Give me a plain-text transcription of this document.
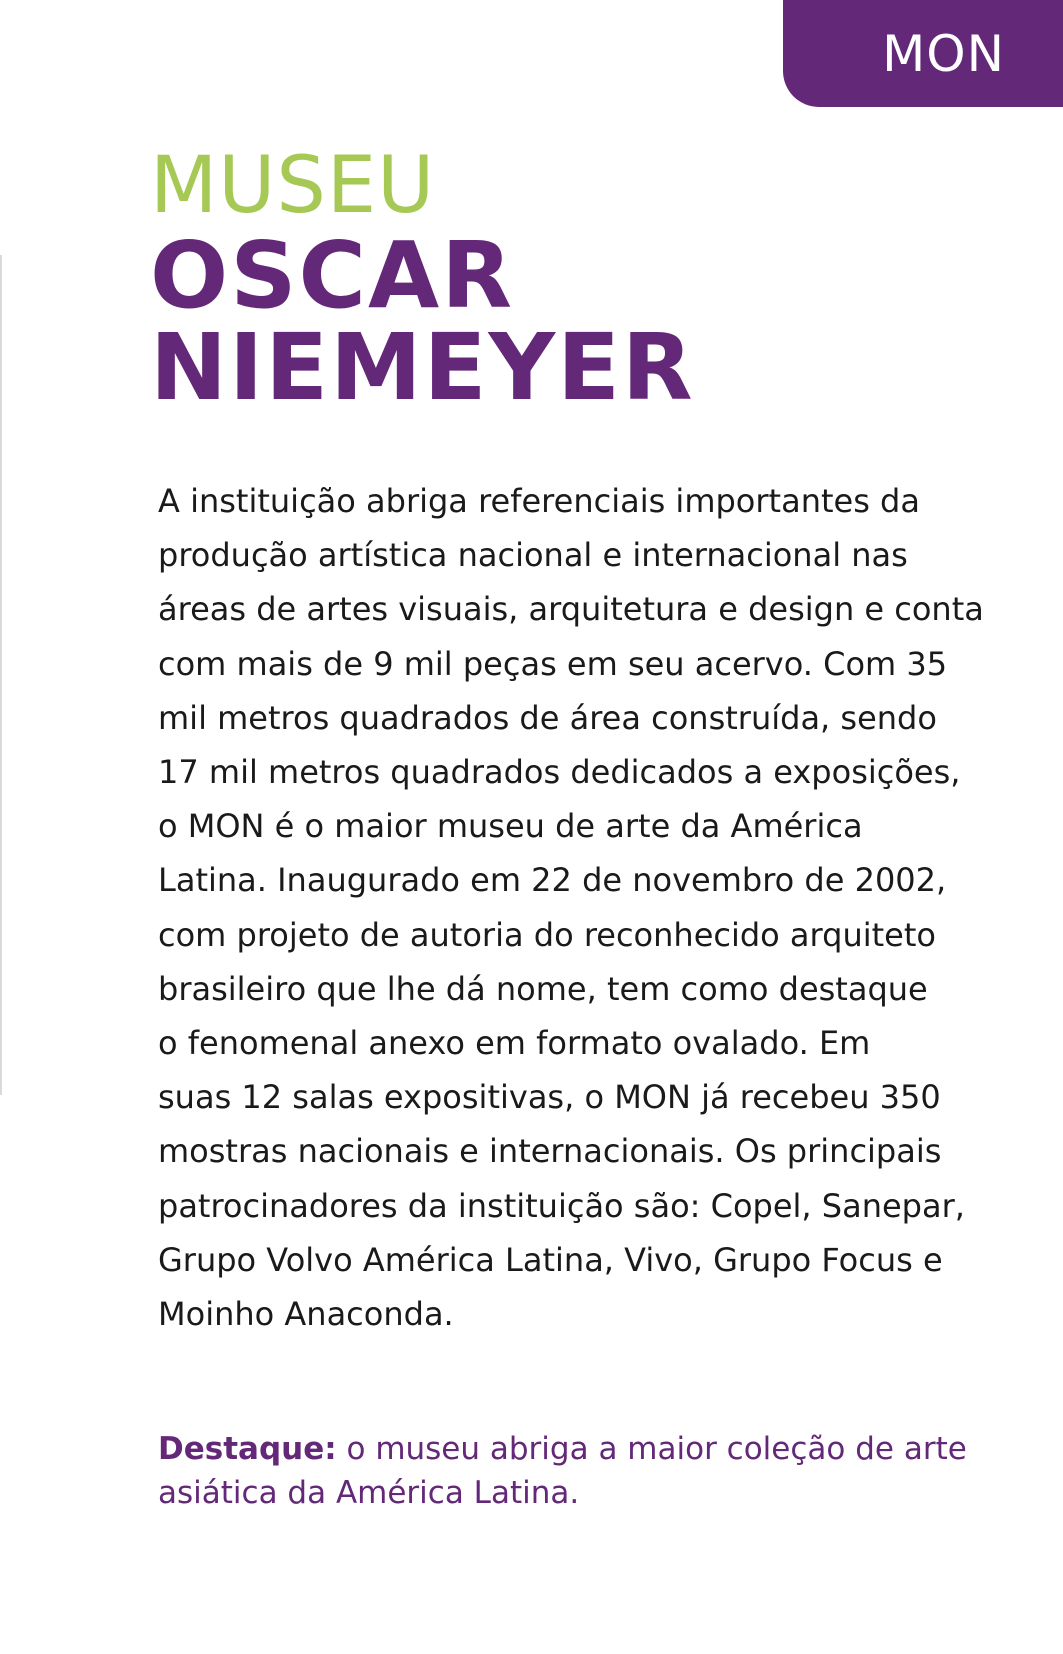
MON

MUSEU

OSCAR

NIEMEYER

A instituição abriga referenciais importantes da
produção artística nacional e internacional nas
áreas de artes visuais, arquitetura e design e conta
com mais de 9 mil peças em seu acervo. Com 35
mil metros quadrados de área construída, sendo
17 mil metros quadrados dedicados a exposições,
o MON é o maior museu de arte da América
Latina. Inaugurado em 22 de novembro de 2002,
com projeto de autoria do reconhecido arquiteto
brasileiro que lhe dá nome, tem como destaque
o fenomenal anexo em formato ovalado. Em
suas 12 salas expositivas, o MON já recebeu 350
mostras nacionais e internacionais. Os principais
patrocinadores da instituição são: Copel, Sanepar,
Grupo Volvo América Latina, Vivo, Grupo Focus e
Moinho Anaconda.

Destaque: o museu abriga a maior coleção de arte
asiática da América Latina.
